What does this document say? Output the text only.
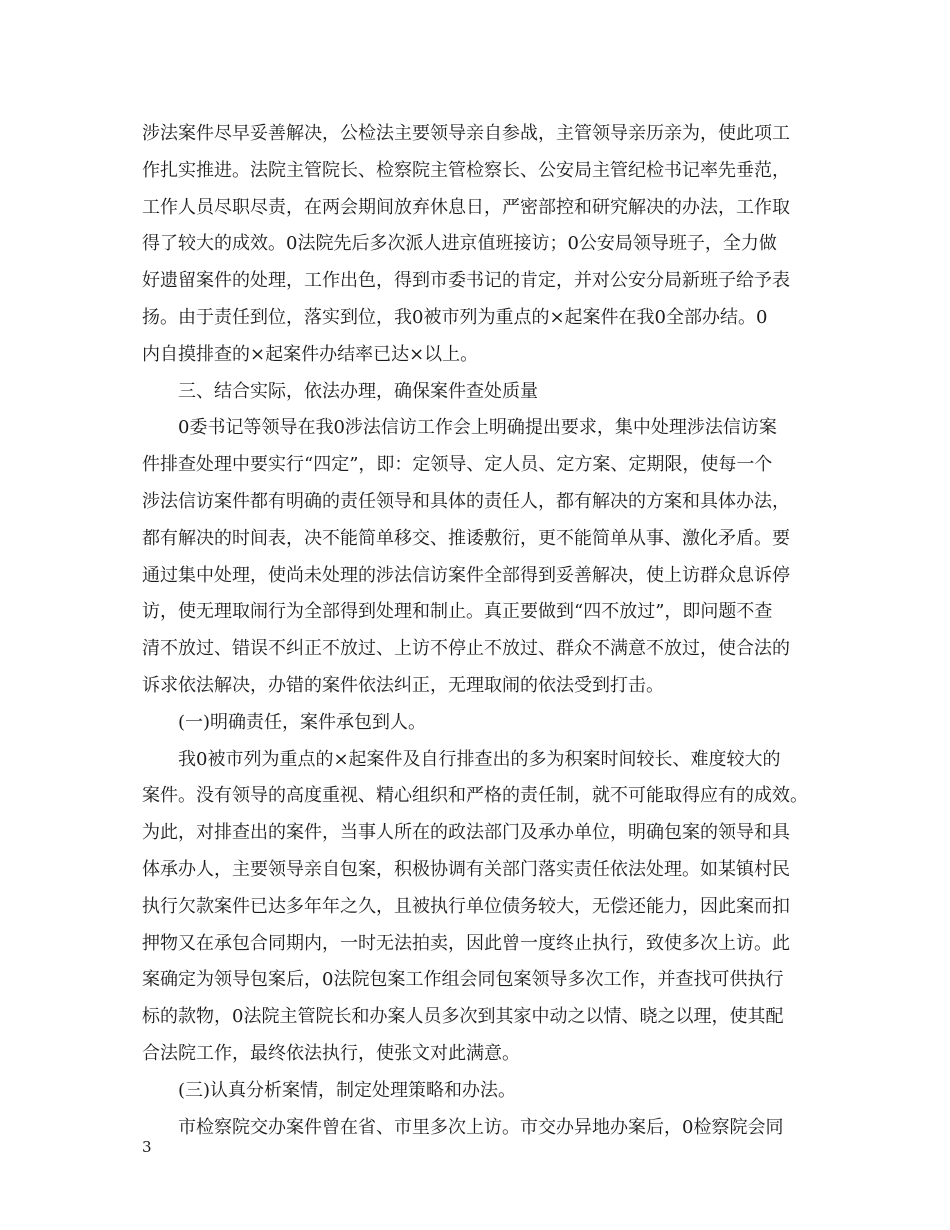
涉法案件尽早妥善解决，公检法主要领导亲自参战，主管领导亲历亲为，使此项工
作扎实推进。法院主管院长、检察院主管检察长、公安局主管纪检书记率先垂范，
工作人员尽职尽责，在两会期间放弃休息日，严密部控和研究解决的办法，工作取
得了较大的成效。0法院先后多次派人进京值班接访；0公安局领导班子，全力做
好遗留案件的处理，工作出色，得到市委书记的肯定，并对公安分局新班子给予表
扬。由于责任到位，落实到位，我0被市列为重点的×起案件在我0全部办结。0
内自摸排查的×起案件办结率已达×以上。
三、结合实际，依法办理，确保案件查处质量
0委书记等领导在我0涉法信访工作会上明确提出要求，集中处理涉法信访案
件排查处理中要实行“四定”，即：定领导、定人员、定方案、定期限，使每一个
涉法信访案件都有明确的责任领导和具体的责任人，都有解决的方案和具体办法，
都有解决的时间表，决不能简单移交、推诿敷衍，更不能简单从事、激化矛盾。要
通过集中处理，使尚未处理的涉法信访案件全部得到妥善解决，使上访群众息诉停
访，使无理取闹行为全部得到处理和制止。真正要做到“四不放过”，即问题不查
清不放过、错误不纠正不放过、上访不停止不放过、群众不满意不放过，使合法的
诉求依法解决，办错的案件依法纠正，无理取闹的依法受到打击。
(一)明确责任，案件承包到人。
我0被市列为重点的×起案件及自行排查出的多为积案时间较长、难度较大的
案件。没有领导的高度重视、精心组织和严格的责任制，就不可能取得应有的成效。
为此，对排查出的案件，当事人所在的政法部门及承办单位，明确包案的领导和具
体承办人，主要领导亲自包案，积极协调有关部门落实责任依法处理。如某镇村民
执行欠款案件已达多年年之久，且被执行单位债务较大，无偿还能力，因此案而扣
押物又在承包合同期内，一时无法拍卖，因此曾一度终止执行，致使多次上访。此
案确定为领导包案后，0法院包案工作组会同包案领导多次工作，并查找可供执行
标的款物，0法院主管院长和办案人员多次到其家中动之以情、晓之以理，使其配
合法院工作，最终依法执行，使张文对此满意。
(三)认真分析案情，制定处理策略和办法。
市检察院交办案件曾在省、市里多次上访。市交办异地办案后，0检察院会同
3
